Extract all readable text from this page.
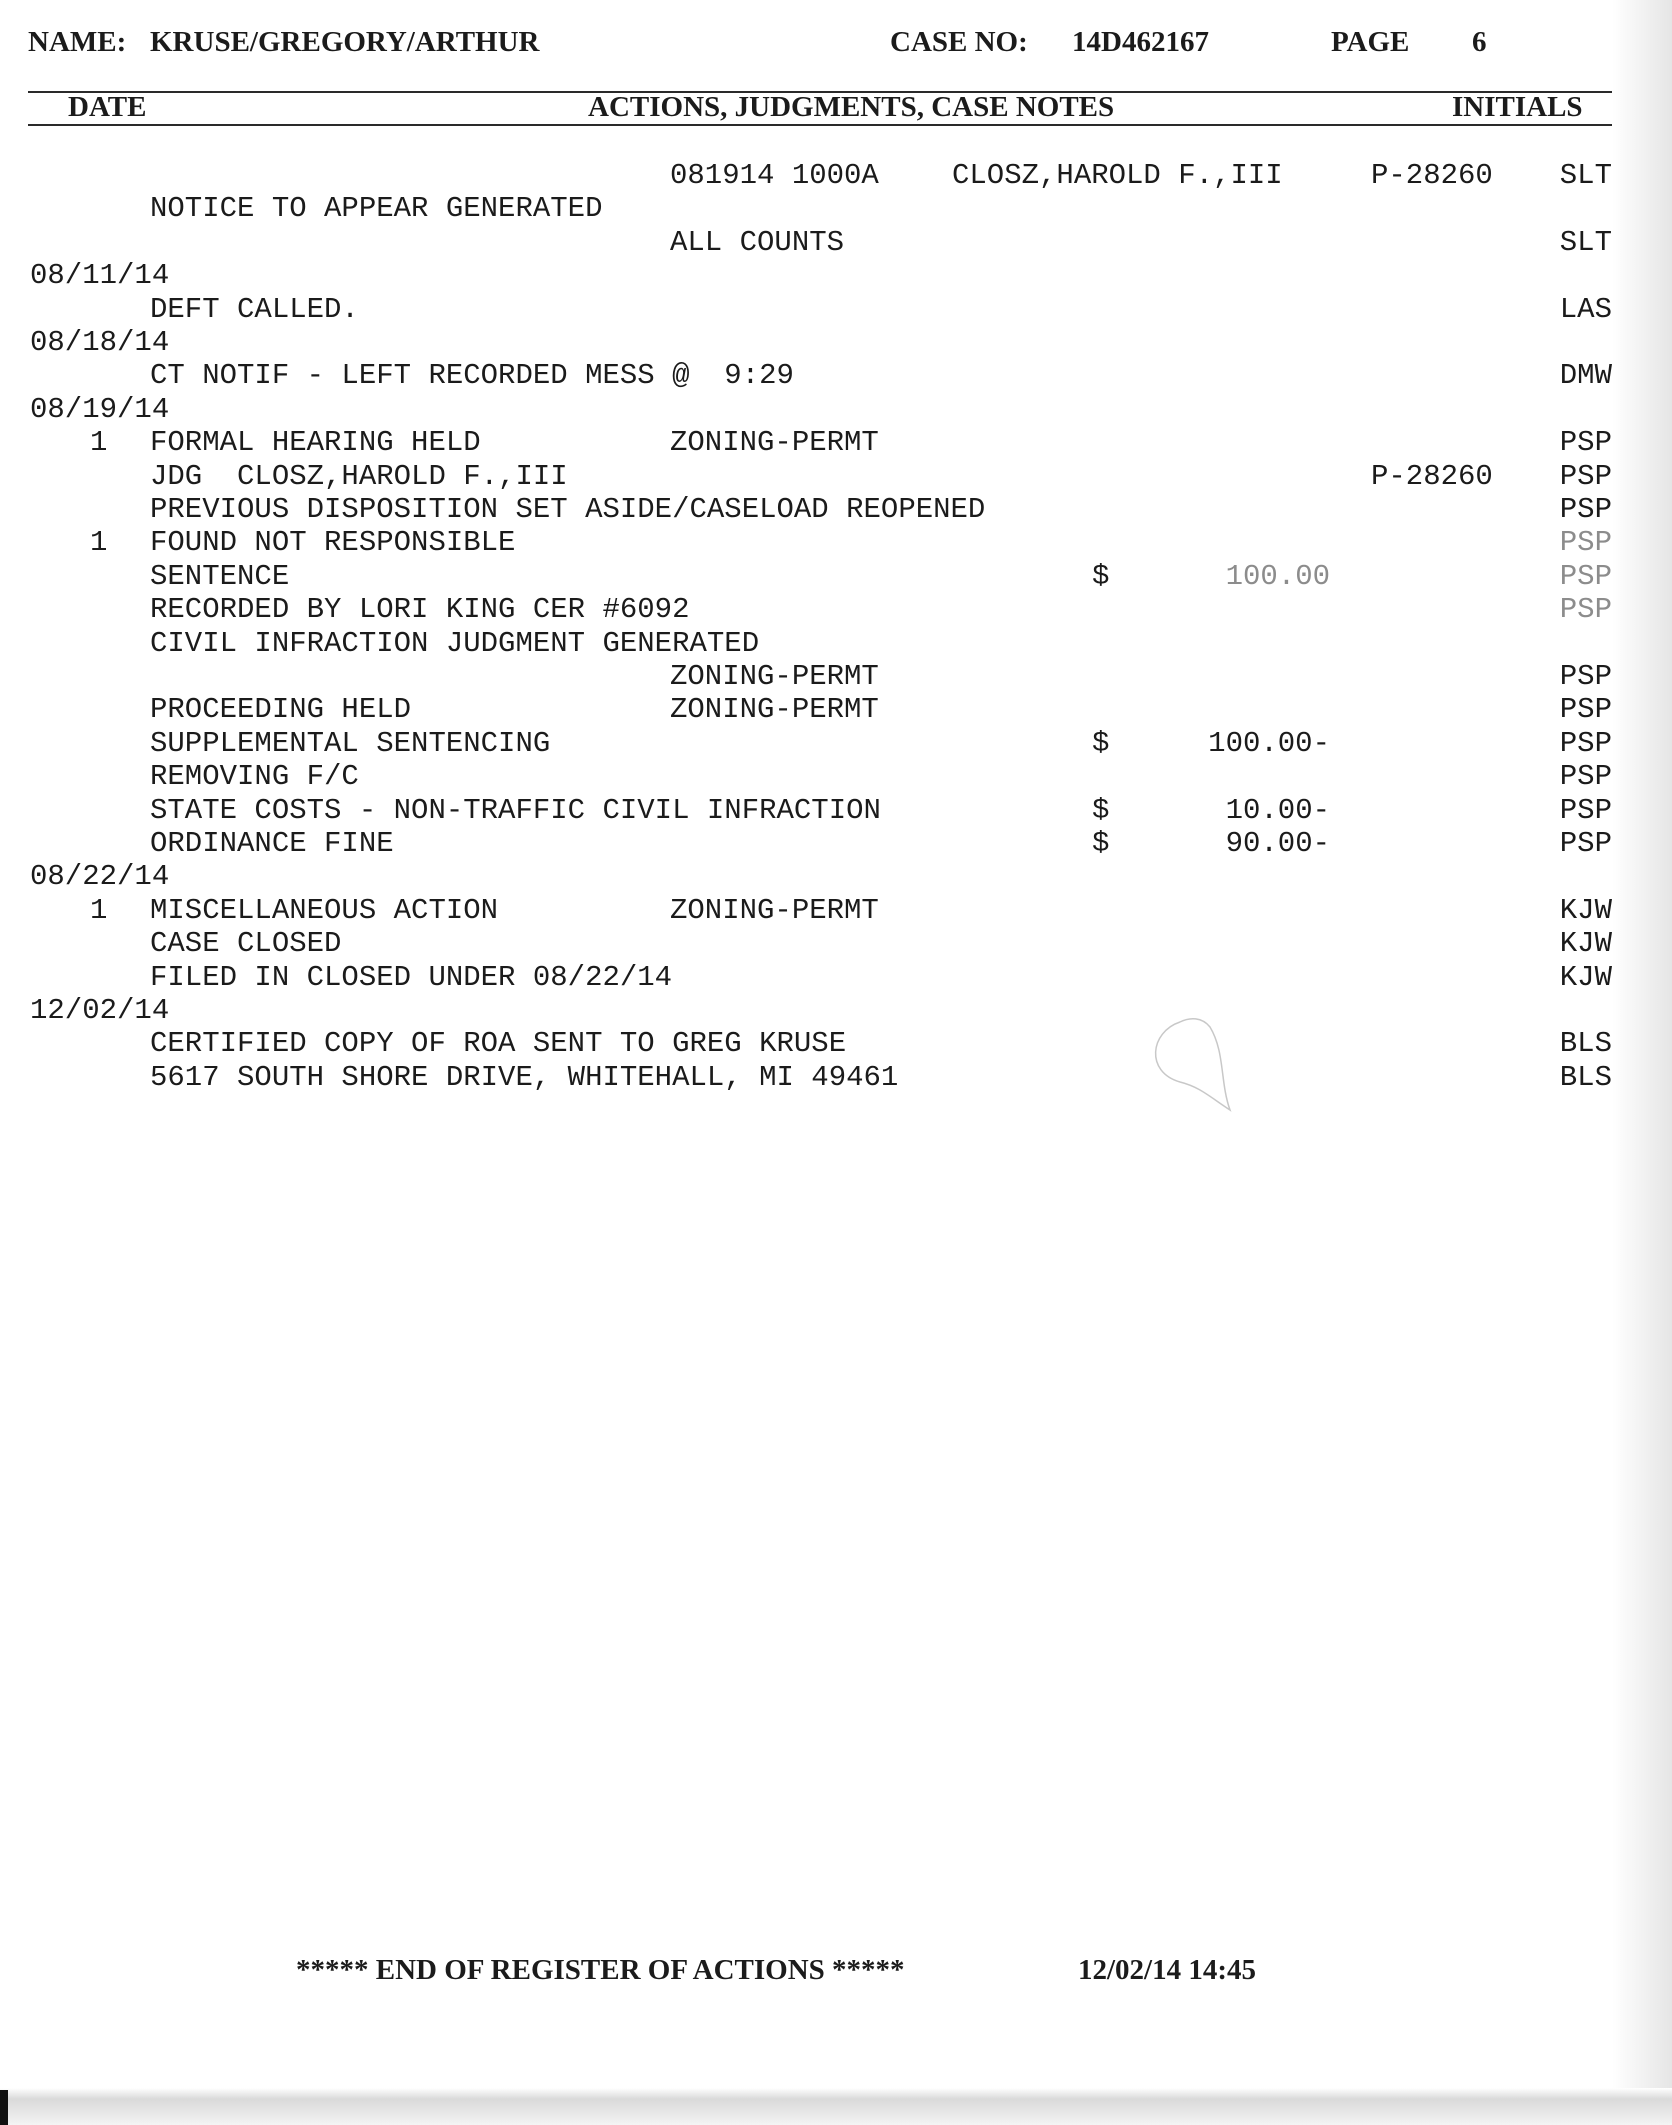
NAME: KRUSE/GREGORY/ARTHUR	CASE NO: 14D462167	PAGE 6
DATE	ACTIONS, JUDGMENTS, CASE NOTES	INITIALS
081914 1000A	CLOSZ,HAROLD F.,III	P-28260	SLT
NOTICE TO APPEAR GENERATED
ALL COUNTS	SLT
08/11/14
DEFT CALLED.	LAS
08/18/14
CT NOTIF - LEFT RECORDED MESS @  9:29	DMW
08/19/14
1 FORMAL HEARING HELD	ZONING-PERMT	PSP
JDG  CLOSZ,HAROLD F.,III	P-28260	PSP
PREVIOUS DISPOSITION SET ASIDE/CASELOAD REOPENED	PSP
1 FOUND NOT RESPONSIBLE	PSP
SENTENCE	$	100.00	PSP
RECORDED BY LORI KING CER #6092	PSP
CIVIL INFRACTION JUDGMENT GENERATED
ZONING-PERMT	PSP
PROCEEDING HELD	ZONING-PERMT	PSP
SUPPLEMENTAL SENTENCING	$	100.00-	PSP
REMOVING F/C	PSP
STATE COSTS - NON-TRAFFIC CIVIL INFRACTION	$	10.00-	PSP
ORDINANCE FINE	$	90.00-	PSP
08/22/14
1 MISCELLANEOUS ACTION	ZONING-PERMT	KJW
CASE CLOSED	KJW
FILED IN CLOSED UNDER 08/22/14	KJW
12/02/14
CERTIFIED COPY OF ROA SENT TO GREG KRUSE	BLS
5617 SOUTH SHORE DRIVE, WHITEHALL, MI 49461	BLS
***** END OF REGISTER OF ACTIONS *****	12/02/14 14:45
